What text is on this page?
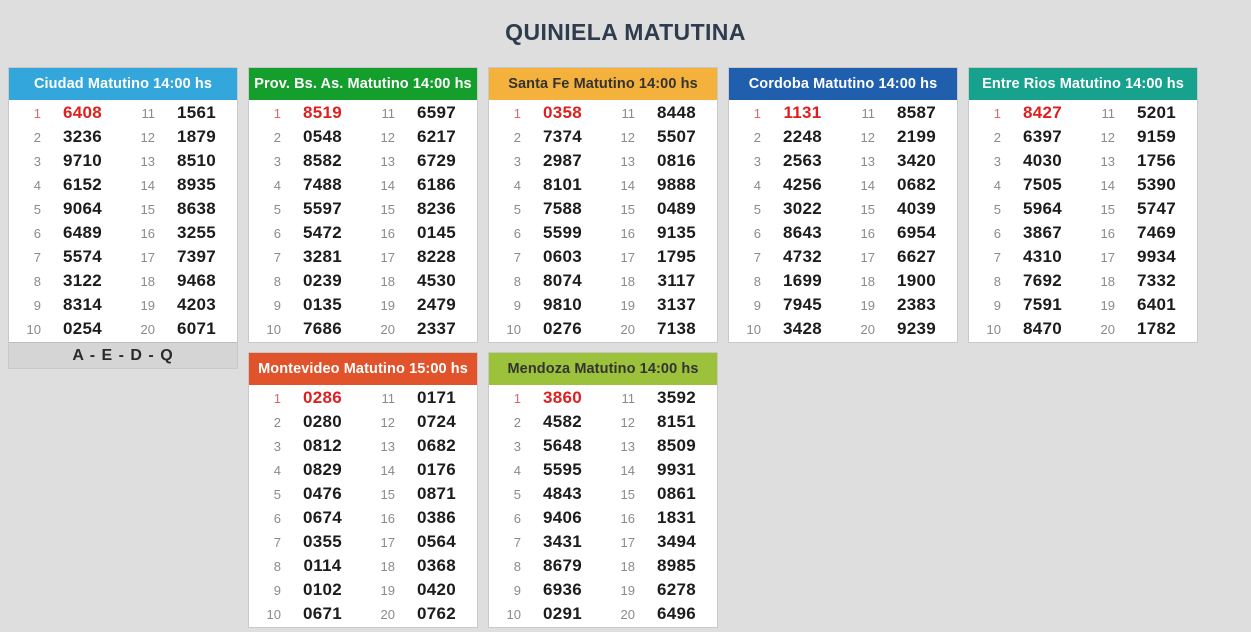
QUINIELA MATUTINA
Ciudad Matutino 14:00 hs
1	6408	11	1561
2	3236	12	1879
3	9710	13	8510
4	6152	14	8935
5	9064	15	8638
6	6489	16	3255
7	5574	17	7397
8	3122	18	9468
9	8314	19	4203
10	0254	20	6071
A - E - D - Q
Prov. Bs. As. Matutino 14:00 hs
1	8519	11	6597
2	0548	12	6217
3	8582	13	6729
4	7488	14	6186
5	5597	15	8236
6	5472	16	0145
7	3281	17	8228
8	0239	18	4530
9	0135	19	2479
10	7686	20	2337
Santa Fe Matutino 14:00 hs
1	0358	11	8448
2	7374	12	5507
3	2987	13	0816
4	8101	14	9888
5	7588	15	0489
6	5599	16	9135
7	0603	17	1795
8	8074	18	3117
9	9810	19	3137
10	0276	20	7138
Cordoba Matutino 14:00 hs
1	1131	11	8587
2	2248	12	2199
3	2563	13	3420
4	4256	14	0682
5	3022	15	4039
6	8643	16	6954
7	4732	17	6627
8	1699	18	1900
9	7945	19	2383
10	3428	20	9239
Entre Rios Matutino 14:00 hs
1	8427	11	5201
2	6397	12	9159
3	4030	13	1756
4	7505	14	5390
5	5964	15	5747
6	3867	16	7469
7	4310	17	9934
8	7692	18	7332
9	7591	19	6401
10	8470	20	1782
Montevideo Matutino 15:00 hs
1	0286	11	0171
2	0280	12	0724
3	0812	13	0682
4	0829	14	0176
5	0476	15	0871
6	0674	16	0386
7	0355	17	0564
8	0114	18	0368
9	0102	19	0420
10	0671	20	0762
Mendoza Matutino 14:00 hs
1	3860	11	3592
2	4582	12	8151
3	5648	13	8509
4	5595	14	9931
5	4843	15	0861
6	9406	16	1831
7	3431	17	3494
8	8679	18	8985
9	6936	19	6278
10	0291	20	6496
